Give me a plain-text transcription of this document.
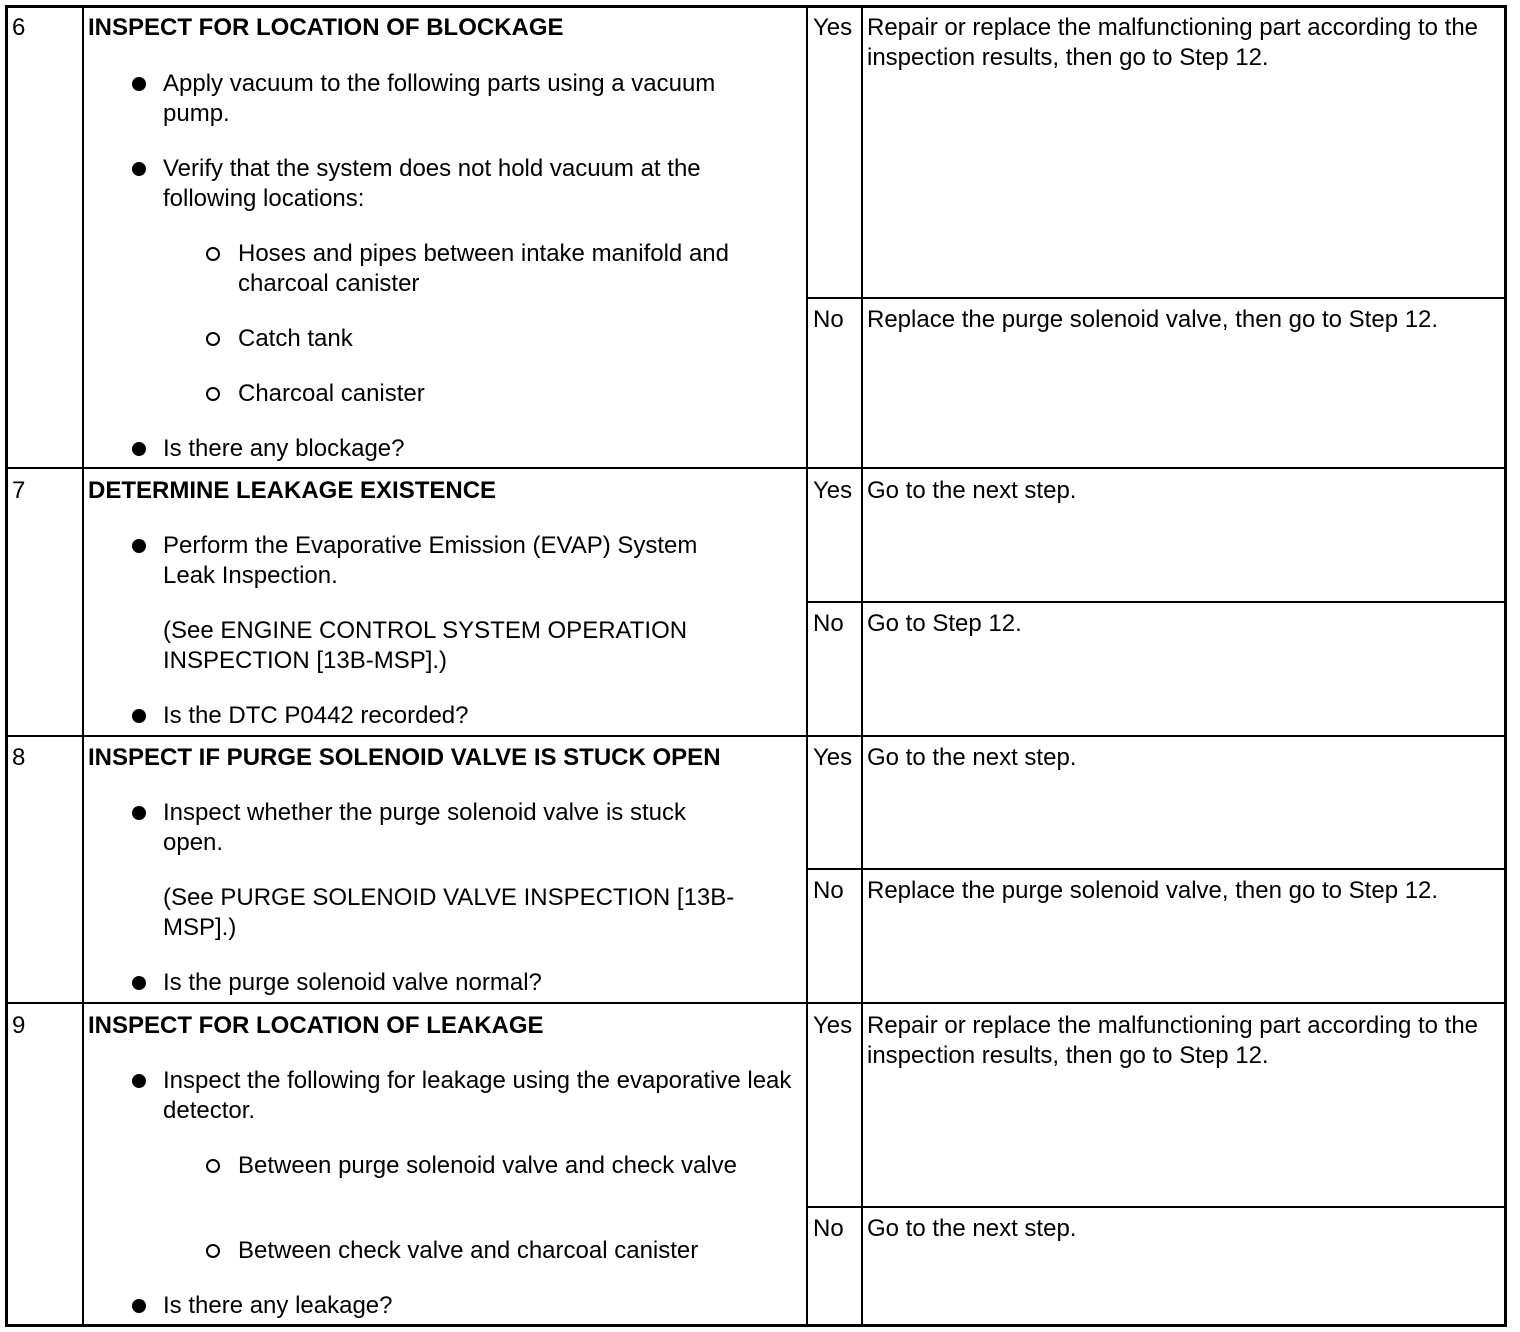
6	INSPECT FOR LOCATION OF BLOCKAGE
Apply vacuum to the following parts using a vacuum pump.
Verify that the system does not hold vacuum at the following locations:
Hoses and pipes between intake manifold and charcoal canister
Catch tank
Charcoal canister
Is there any blockage?
Yes Repair or replace the malfunctioning part according to the inspection results, then go to Step 12.
No Replace the purge solenoid valve, then go to Step 12.
7	DETERMINE LEAKAGE EXISTENCE
Perform the Evaporative Emission (EVAP) System Leak Inspection.
(See ENGINE CONTROL SYSTEM OPERATION INSPECTION [13B-MSP].)
Is the DTC P0442 recorded?
Yes Go to the next step.
No Go to Step 12.
8	INSPECT IF PURGE SOLENOID VALVE IS STUCK OPEN
Inspect whether the purge solenoid valve is stuck open.
(See PURGE SOLENOID VALVE INSPECTION [13B-MSP].)
Is the purge solenoid valve normal?
Yes Go to the next step.
No Replace the purge solenoid valve, then go to Step 12.
9	INSPECT FOR LOCATION OF LEAKAGE
Inspect the following for leakage using the evaporative leak detector.
Between purge solenoid valve and check valve
Between check valve and charcoal canister
Is there any leakage?
Yes Repair or replace the malfunctioning part according to the inspection results, then go to Step 12.
No Go to the next step.
